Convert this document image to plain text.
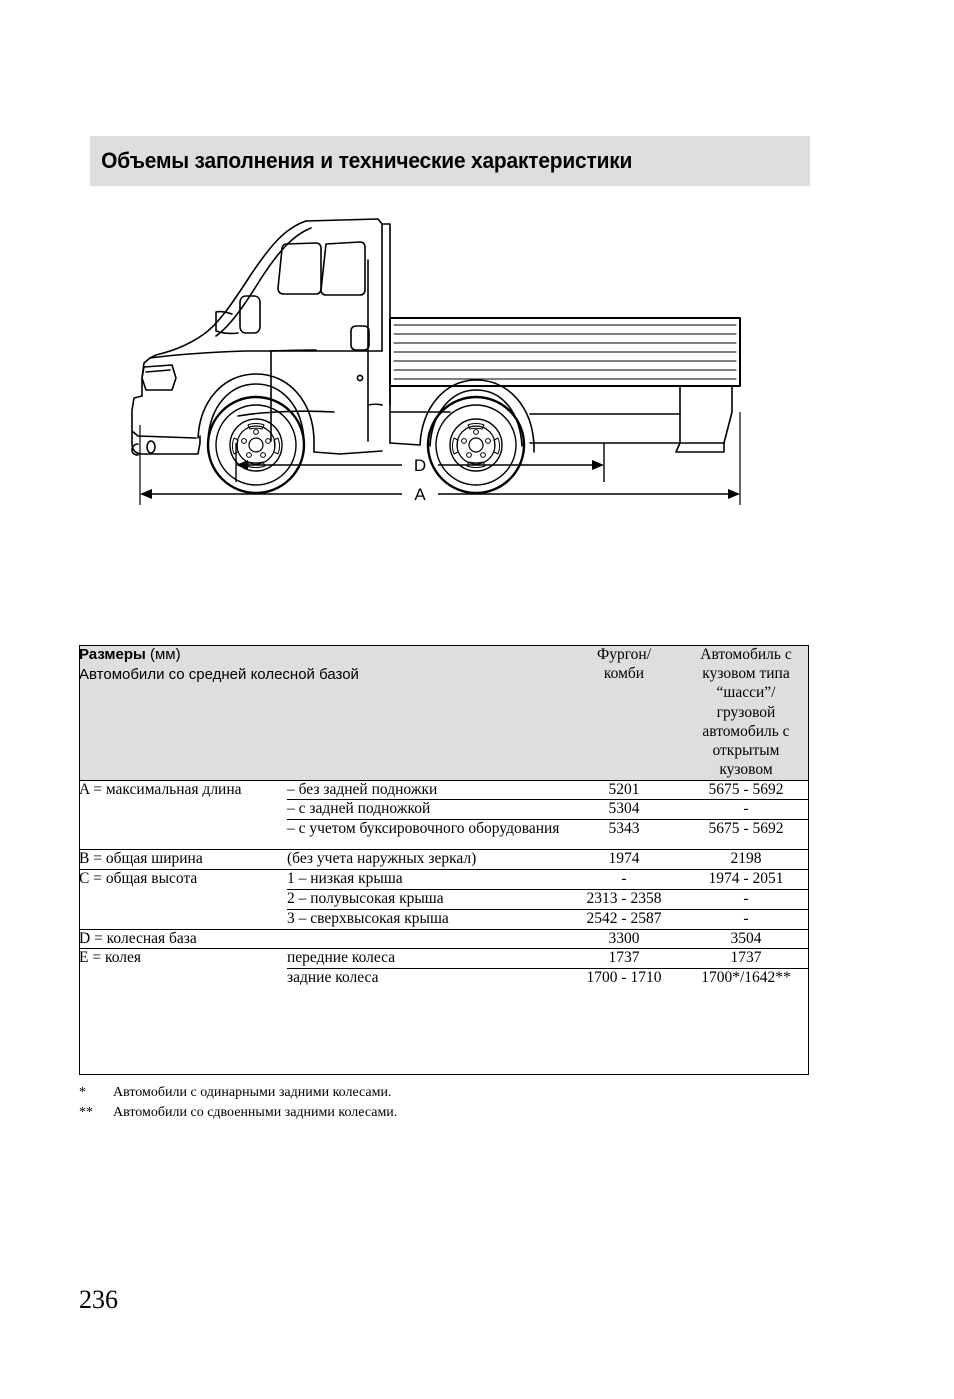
Объемы заполнения и технические характеристики
D
A
Размеры (мм)
Автомобили со средней колесной базой

Фургон/
комби

Автомобиль с
кузовом типа
“шасси”/
грузовой
автомобиль с
открытым
кузовом

A = максимальная длина	– без задней подножки	5201	5675 - 5692
	– с задней подножкой	5304	-
	– с учетом буксировочного оборудования	5343	5675 - 5692
B = общая ширина	(без учета наружных зеркал)	1974	2198
C = общая высота	1 – низкая крыша	-	1974 - 2051
	2 – полувысокая крыша	2313 - 2358	-
	3 – сверхвысокая крыша	2542 - 2587	-
D = колесная база		3300	3504
E = колея	передние колеса	1737	1737
	задние колеса	1700 - 1710	1700*/1642**
*	Автомобили с одинарными задними колесами.
**	Автомобили со сдвоенными задними колесами.
236
